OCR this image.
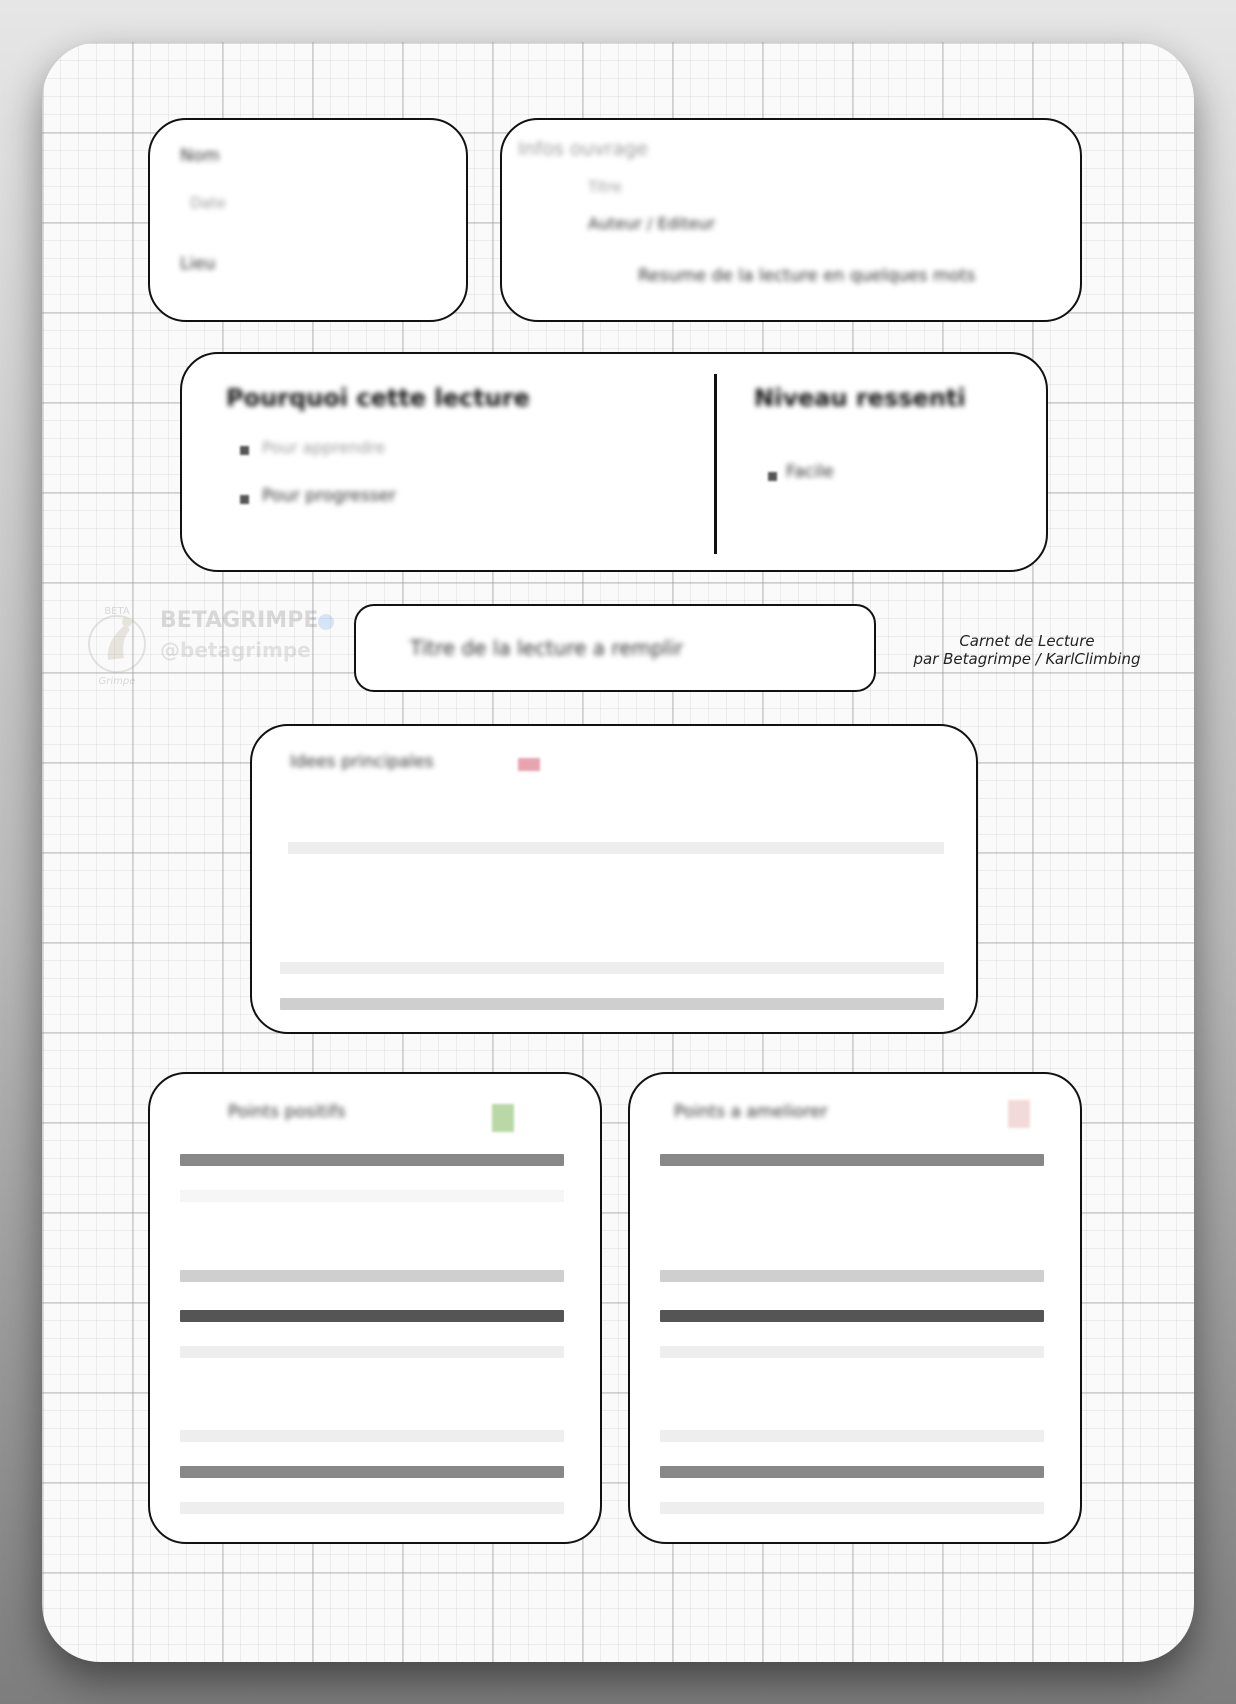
Nom
Date
Lieu
Infos ouvrage
Titre
Auteur / Editeur
Resume de la lecture en quelques mots
Pourquoi cette lecture
Pour apprendre
Pour progresser
Niveau ressenti
Facile
BETA
Grimpe
BETAGRIMPE
@betagrimpe	Titre de la lecture a remplir	Carnet de Lecture
par Betagrimpe / KarlClimbing
Idees principales
Points positifs	Points a ameliorer
